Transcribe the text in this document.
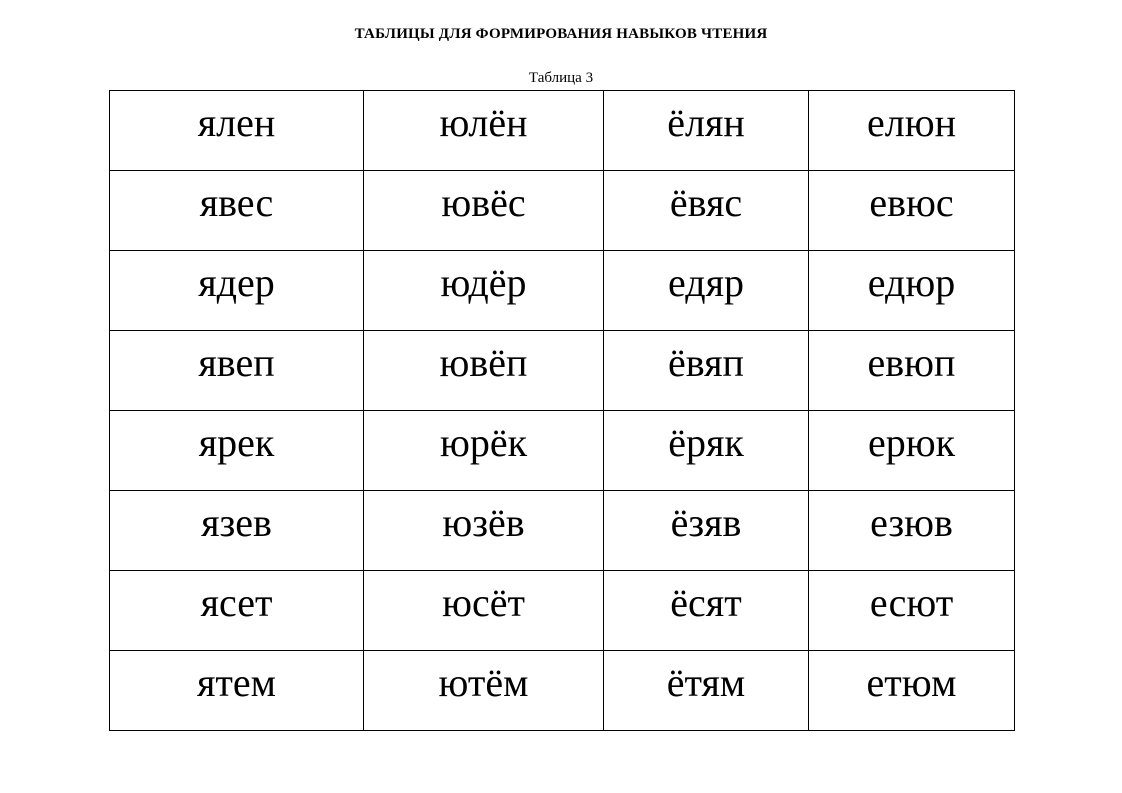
ТАБЛИЦЫ ДЛЯ ФОРМИРОВАНИЯ НАВЫКОВ ЧТЕНИЯ
Таблица 3
ялен	юлён	ёлян	елюн
явес	ювёс	ёвяс	евюс
ядер	юдёр	едяр	едюр
явеп	ювёп	ёвяп	евюп
ярек	юрёк	ёряк	ерюк
язев	юзёв	ёзяв	езюв
ясет	юсёт	ёсят	есют
ятем	ютём	ётям	етюм
